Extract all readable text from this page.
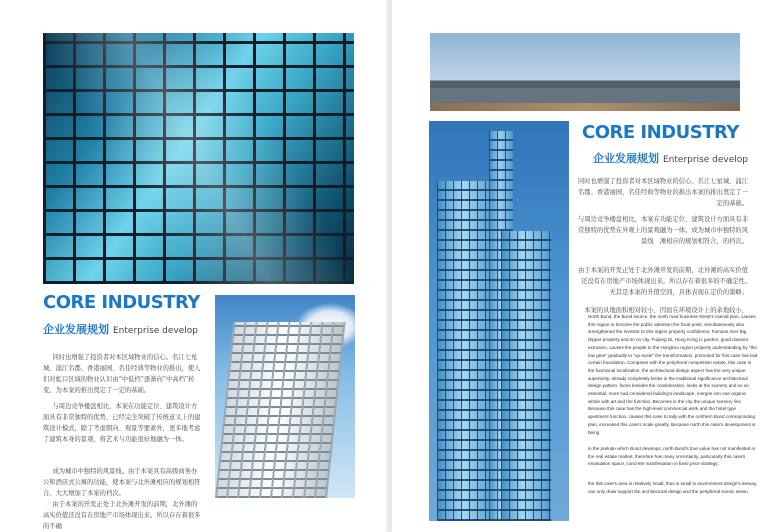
CORE INDUSTRY
企业发展规划 Enterprise develop
同时也增强了投资者对本区域物业的信心。名江七星城、浦江名郡、香港丽园、名佳经典等物业的推出，使人们对虹口区域的物业认识由“中低档”逐渐向“中高档”转变。为本案的推出奠定了一定的基础。
与周边竞争楼盘相比，本案在功能定位、建筑设计方面具有非常独特的优势，已经完全突破了传统意义上的建筑设计模式，除了考虑朝向、观景等要素外，更多地考虑了建筑本身的景观，将艺术与功能很好地融为一体。

成为城市中独特的风景线。由于本案具有高级商务办公和酒店式公寓的功能，使本案与北外滩相应的规划相符合。大大增加了本案的档次。

由于本案的开发正处于北外滩开发的前期，北外滩的高实价值还没有在房地产市场体现出来。所以存在着很多的不确

CORE INDUSTRY
企业发展规划 Enterprise develop
同时也增强了投资者对本区域物业的信心。名江七星城、浦江名郡、香港丽园、名佳经典等物业的推出本案的推出奠定了一定的基础。
与周边竞争楼盘相比，本案在功能定位、建筑设计方面具有非常独特的优势在外观上的景观融为一体。成为城市中独特的风景线　滩相应的规划相符合，的档次。
由于本案的开发正处于北外滩开发的前期，北外滩的高实价值还没有在房地产市场体现出来。所以存在着很多的不确定性。　无其是本案的升值空间，具体表现在定价的策略；
本案的具地面积相对较小，因而在环境设计上的余地较小，
North Bund, the Bund source, the north road business street's overall plan, causes this region to become the public attention the focal point, simultaneously also strengthened the investor to this region property confidence; Famous river Big Dipper property and so on city, Fujiang Di, Hong Kong Li garden, good classics extrusion, causes the people to the Hongkou region property understanding by "the low gear" gradually to "up-scale" the transformation, promoted for this case has laid certain foundation. Compares with the peripheral competition estate, this case in the functional localization, the architectural design aspect has the very unique superiority, already completely broke in the traditional significance architectural design pattern, faces besides the consideration, looks at the scenery and so on essential, more had considered building's landscape, merges into one organic whole with art and the function. Becomes in the city the unique scenery line Because this case has the high-level commercial work and the hotel type apartment function, causes this case to tally with the northern Bund corresponding plan, increased this case's scale greatly. Because north this case's development is being
in the prelude which Bund develops, north Bund's true value has not manifested in the real estate market, therefore has many uncertainty, particularly this case's revaluation space, concrete manifestation in fixed price strategy;
the this case's area is relatively small, thus is small in environment design's leeway, can only draw support the architectural design and the peripheral scenic essou
